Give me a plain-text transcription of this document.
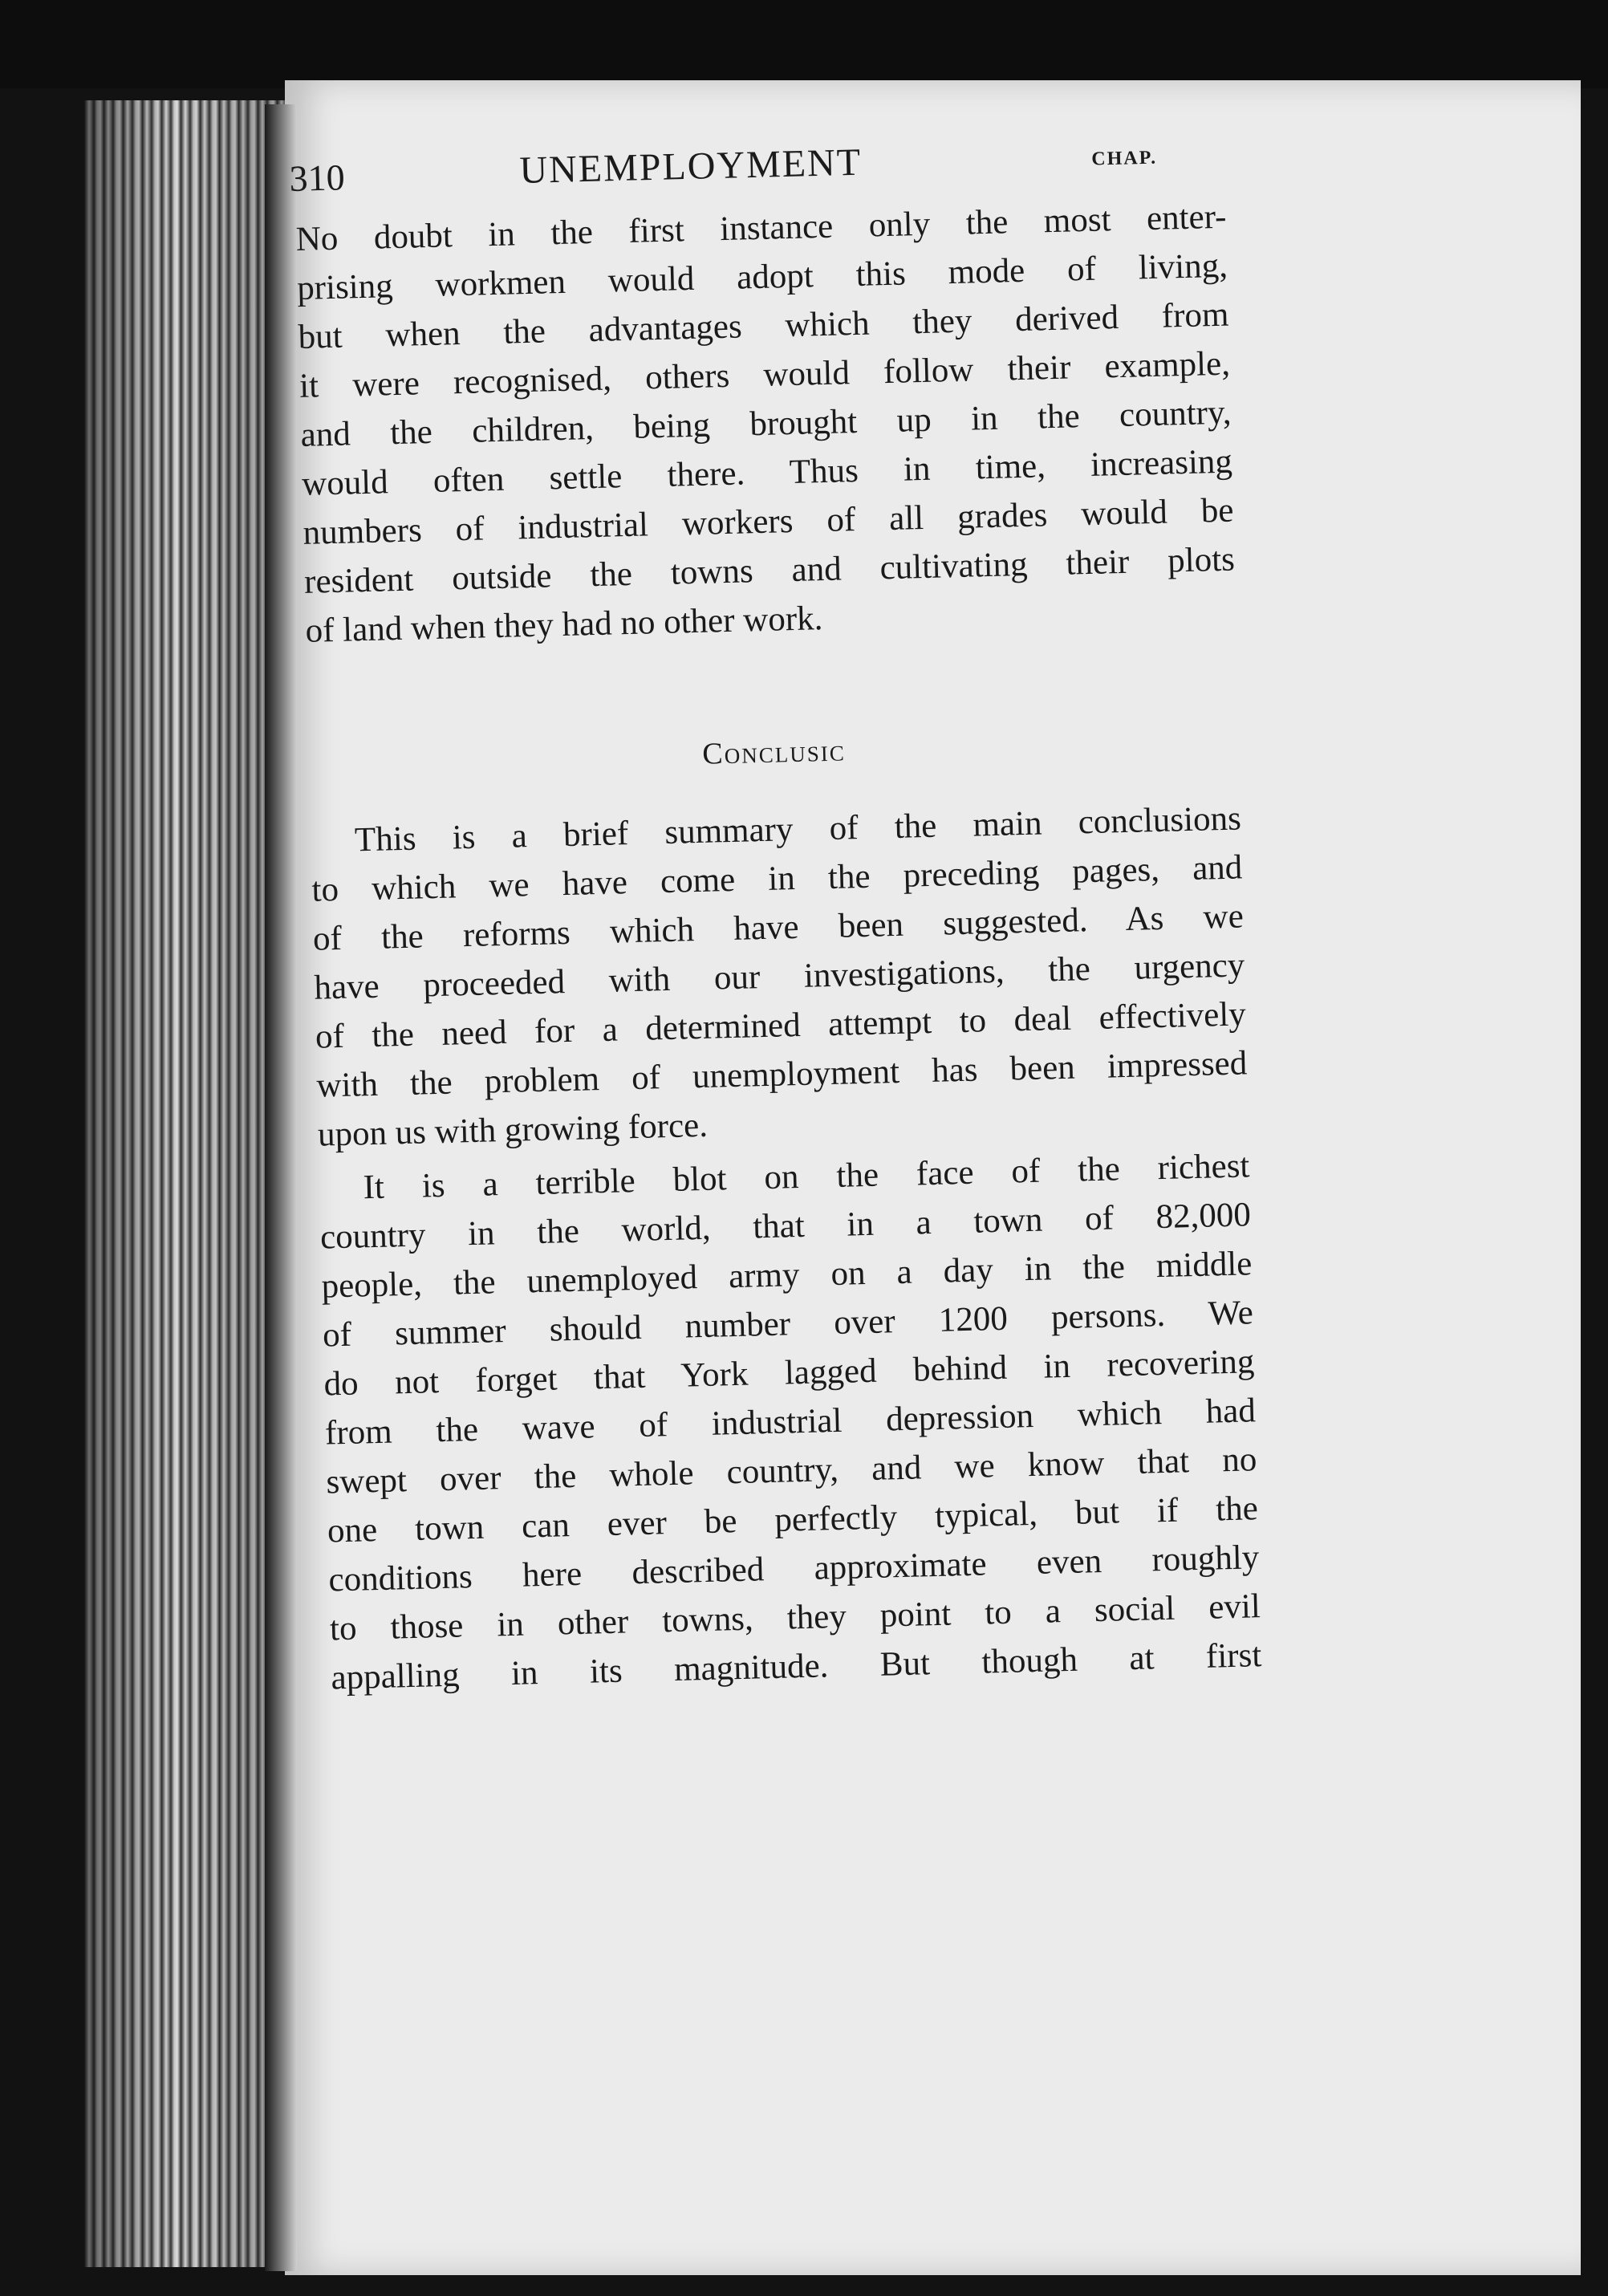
310	UNEMPLOYMENT	CHAP.

No doubt in the first instance only the most enter-
prising workmen would adopt this mode of living,
but when the advantages which they derived from
it were recognised, others would follow their example,
and the children, being brought up in the country,
would often settle there. Thus in time, increasing
numbers of industrial workers of all grades would be
resident outside the towns and cultivating their plots
of land when they had no other work.

Conclusic

This is a brief summary of the main conclusions
to which we have come in the preceding pages, and
of the reforms which have been suggested. As we
have proceeded with our investigations, the urgency
of the need for a determined attempt to deal effectively
with the problem of unemployment has been impressed
upon us with growing force.

It is a terrible blot on the face of the richest
country in the world, that in a town of 82,000
people, the unemployed army on a day in the middle
of summer should number over 1200 persons. We
do not forget that York lagged behind in recovering
from the wave of industrial depression which had
swept over the whole country, and we know that no
one town can ever be perfectly typical, but if the
conditions here described approximate even roughly
to those in other towns, they point to a social evil
appalling in its magnitude. But though at first
